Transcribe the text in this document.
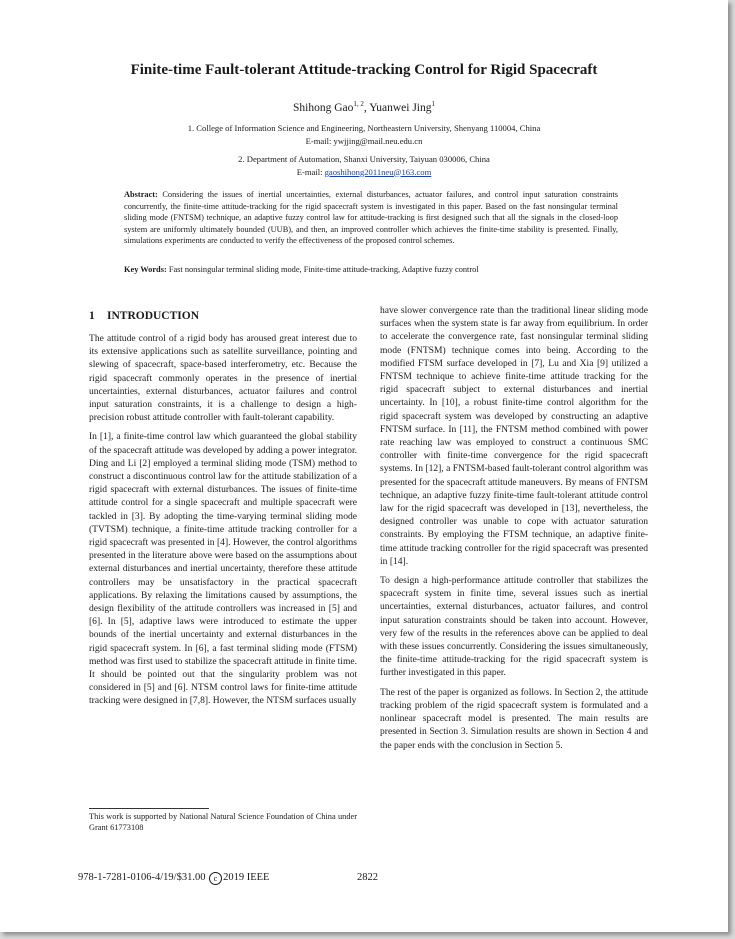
Finite-time Fault-tolerant Attitude-tracking Control for Rigid Spacecraft
Shihong Gao$^{1, 2}$, Yuanwei Jing$^1$
1. College of Information Science and Engineering, Northeastern University, Shenyang 110004, China
E-mail: ywjjing@mail.neu.edu.cn
2. Department of Automation, Shanxi University, Taiyuan 030006, China
E-mail: gaoshihong2011neu@163.com
Abstract: Considering the issues of inertial uncertainties, external disturbances, actuator failures, and control input saturation constraints concurrently, the finite-time attitude-tracking for the rigid spacecraft system is investigated in this paper. Based on the fast nonsingular terminal sliding mode (FNTSM) technique, an adaptive fuzzy control law for attitude-tracking is first designed such that all the signals in the closed-loop system are uniformly ultimately bounded (UUB), and then, an improved controller which achieves the finite-time stability is presented. Finally, simulations experiments are conducted to verify the effectiveness of the proposed control schemes.
Key Words: Fast nonsingular terminal sliding mode, Finite-time attitude-tracking, Adaptive fuzzy control
1 INTRODUCTION

The attitude control of a rigid body has aroused great interest due to its extensive applications such as satellite surveillance, pointing and slewing of spacecraft, space-based interferometry, etc. Because the rigid spacecraft commonly operates in the presence of inertial uncertainties, external disturbances, actuator failures and control input saturation constraints, it is a challenge to design a high-precision robust attitude controller with fault-tolerant capability.

In [1], a finite-time control law which guaranteed the global stability of the spacecraft attitude was developed by adding a power integrator. Ding and Li [2] employed a terminal sliding mode (TSM) method to construct a discontinuous control law for the attitude stabilization of a rigid spacecraft with external disturbances. The issues of finite-time attitude control for a single spacecraft and multiple spacecraft were tackled in [3]. By adopting the time-varying terminal sliding mode (TVTSM) technique, a finite-time attitude tracking controller for a rigid spacecraft was presented in [4]. However, the control algorithms presented in the literature above were based on the assumptions about external disturbances and inertial uncertainty, therefore these attitude controllers may be unsatisfactory in the practical spacecraft applications. By relaxing the limitations caused by assumptions, the design flexibility of the attitude controllers was increased in [5] and [6]. In [5], adaptive laws were introduced to estimate the upper bounds of the inertial uncertainty and external disturbances in the rigid spacecraft system. In [6], a fast terminal sliding mode (FTSM) method was first used to stabilize the spacecraft attitude in finite time. It should be pointed out that the singularity problem was not considered in [5] and [6]. NTSM control laws for finite-time attitude tracking were designed in [7,8]. However, the NTSM surfaces usually

have slower convergence rate than the traditional linear sliding mode surfaces when the system state is far away from equilibrium. In order to accelerate the convergence rate, fast nonsingular terminal sliding mode (FNTSM) technique comes into being. According to the modified FTSM surface developed in [7], Lu and Xia [9] utilized a FNTSM technique to achieve finite-time attitude tracking for the rigid spacecraft subject to external disturbances and inertial uncertainty. In [10], a robust finite-time control algorithm for the rigid spacecraft system was developed by constructing an adaptive FNTSM surface. In [11], the FNTSM method combined with power rate reaching law was employed to construct a continuous SMC controller with finite-time convergence for the rigid spacecraft systems. In [12], a FNTSM-based fault-tolerant control algorithm was presented for the spacecraft attitude maneuvers. By means of FNTSM technique, an adaptive fuzzy finite-time fault-tolerant attitude control law for the rigid spacecraft was developed in [13], nevertheless, the designed controller was unable to cope with actuator saturation constraints. By employing the FTSM technique, an adaptive finite-time attitude tracking controller for the rigid spacecraft was presented in [14].

To design a high-performance attitude controller that stabilizes the spacecraft system in finite time, several issues such as inertial uncertainties, external disturbances, actuator failures, and control input saturation constraints should be taken into account. However, very few of the results in the references above can be applied to deal with these issues concurrently. Considering the issues simultaneously, the finite-time attitude-tracking for the rigid spacecraft system is further investigated in this paper.

The rest of the paper is organized as follows. In Section 2, the attitude tracking problem of the rigid spacecraft system is formulated and a nonlinear spacecraft model is presented. The main results are presented in Section 3. Simulation results are shown in Section 4 and the paper ends with the conclusion in Section 5.

This work is supported by National Natural Science Foundation of China under Grant 61773108
978-1-7281-0106-4/19/$31.00 c 2019 IEEE	2822
